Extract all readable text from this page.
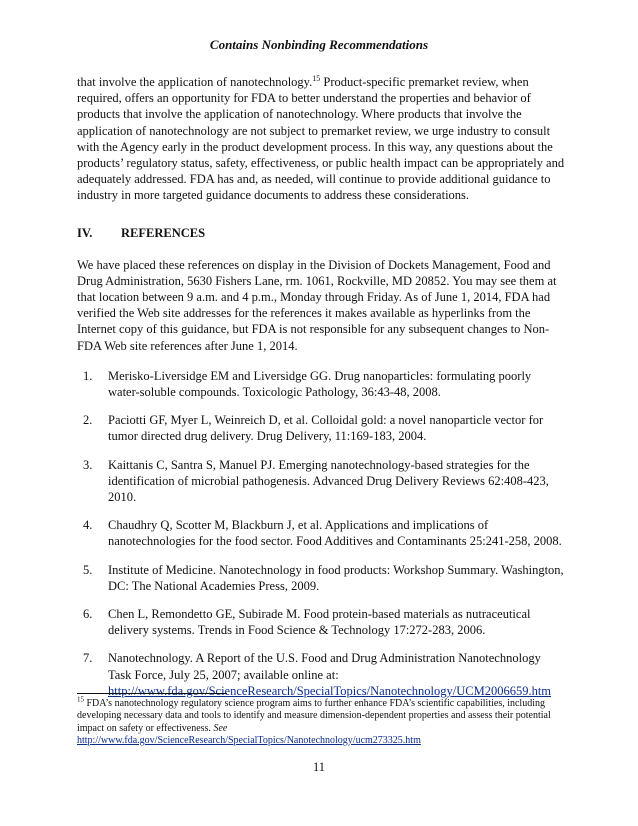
Contains Nonbinding Recommendations

that involve the application of nanotechnology.$^{15}$ Product-specific premarket review, when required, offers an opportunity for FDA to better understand the properties and behavior of products that involve the application of nanotechnology. Where products that involve the application of nanotechnology are not subject to premarket review, we urge industry to consult with the Agency early in the product development process. In this way, any questions about the products’ regulatory status, safety, effectiveness, or public health impact can be appropriately and adequately addressed. FDA has and, as needed, will continue to provide additional guidance to industry in more targeted guidance documents to address these considerations.

IV.	REFERENCES

We have placed these references on display in the Division of Dockets Management, Food and Drug Administration, 5630 Fishers Lane, rm. 1061, Rockville, MD 20852. You may see them at that location between 9 a.m. and 4 p.m., Monday through Friday. As of June 1, 2014, FDA had verified the Web site addresses for the references it makes available as hyperlinks from the Internet copy of this guidance, but FDA is not responsible for any subsequent changes to Non-FDA Web site references after June 1, 2014.

1.	Merisko-Liversidge EM and Liversidge GG. Drug nanoparticles: formulating poorly water-soluble compounds. Toxicologic Pathology, 36:43-48, 2008.
2.	Paciotti GF, Myer L, Weinreich D, et al. Colloidal gold: a novel nanoparticle vector for tumor directed drug delivery. Drug Delivery, 11:169-183, 2004.
3.	Kaittanis C, Santra S, Manuel PJ. Emerging nanotechnology-based strategies for the identification of microbial pathogenesis. Advanced Drug Delivery Reviews 62:408-423, 2010.
4.	Chaudhry Q, Scotter M, Blackburn J, et al. Applications and implications of nanotechnologies for the food sector. Food Additives and Contaminants 25:241-258, 2008.
5.	Institute of Medicine. Nanotechnology in food products: Workshop Summary. Washington, DC: The National Academies Press, 2009.
6.	Chen L, Remondetto GE, Subirade M. Food protein-based materials as nutraceutical delivery systems. Trends in Food Science & Technology 17:272-283, 2006.
7.	Nanotechnology. A Report of the U.S. Food and Drug Administration Nanotechnology Task Force, July 25, 2007; available online at:
http://www.fda.gov/ScienceResearch/SpecialTopics/Nanotechnology/UCM2006659.htm
$^{15}$ FDA’s nanotechnology regulatory science program aims to further enhance FDA’s scientific capabilities, including developing necessary data and tools to identify and measure dimension-dependent properties and assess their potential impact on safety or effectiveness. See
http://www.fda.gov/ScienceResearch/SpecialTopics/Nanotechnology/ucm273325.htm
11
